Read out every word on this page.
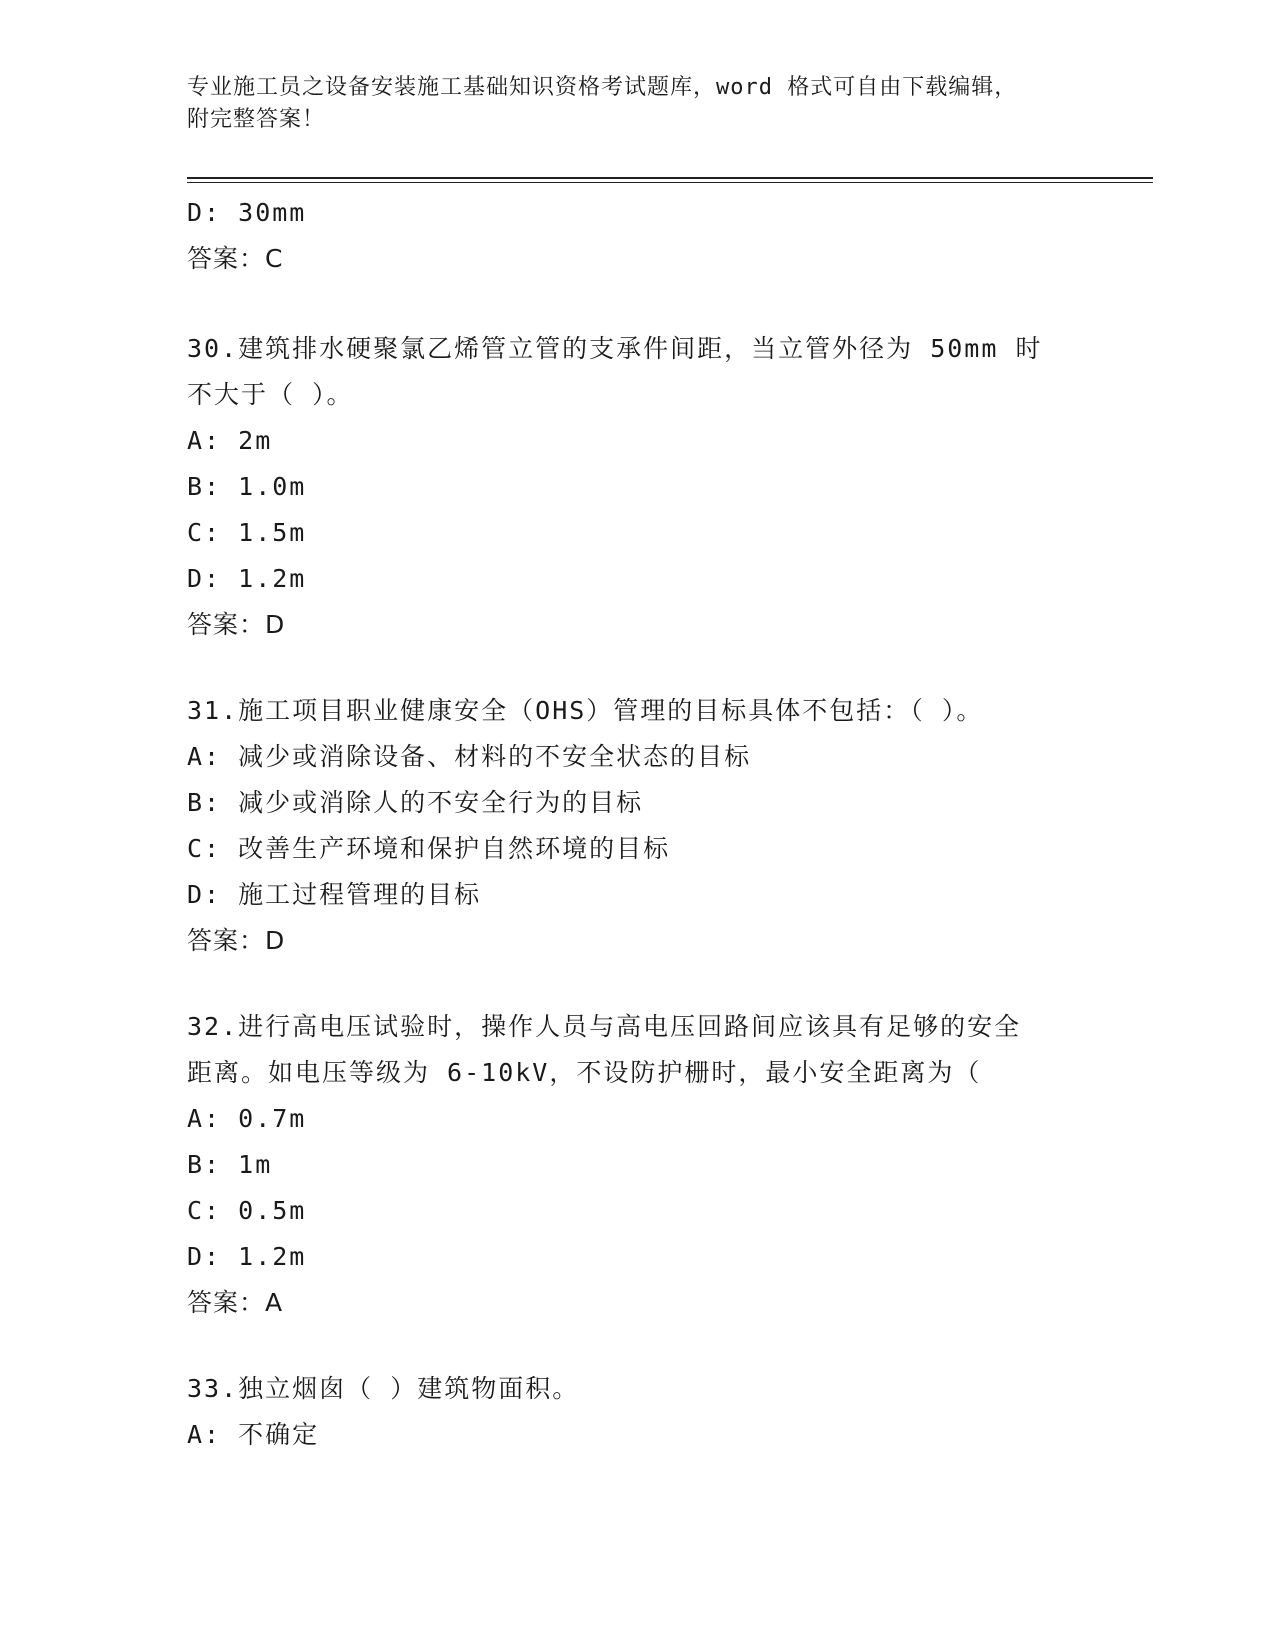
专业施工员之设备安装施工基础知识资格考试题库，word 格式可自由下载编辑，
附完整答案！
D: 30mm
答案：C
30.建筑排水硬聚氯乙烯管立管的支承件间距，当立管外径为 50mm 时
不大于（ ）。
A: 2m
B: 1.0m
C: 1.5m
D: 1.2m
答案：D
31.施工项目职业健康安全（OHS）管理的目标具体不包括：（ ）。
A: 减少或消除设备、材料的不安全状态的目标
B: 减少或消除人的不安全行为的目标
C: 改善生产环境和保护自然环境的目标
D: 施工过程管理的目标
答案：D
32.进行高电压试验时，操作人员与高电压回路间应该具有足够的安全
距离。如电压等级为 6-10kV，不设防护栅时，最小安全距离为（
A: 0.7m
B: 1m
C: 0.5m
D: 1.2m
答案：A
33.独立烟囱（ ）建筑物面积。
A: 不确定
